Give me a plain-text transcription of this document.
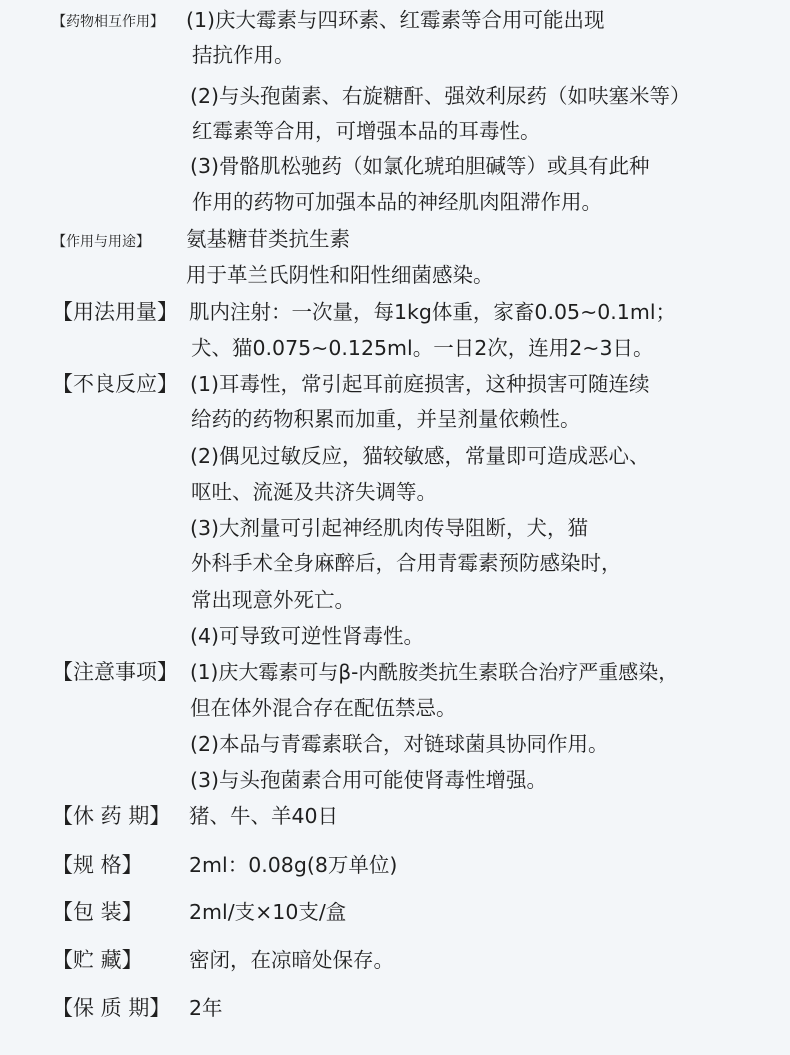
【药物相互作用】 (1)庆大霉素与四环素、红霉素等合用可能出现
拮抗作用。
(2)与头孢菌素、右旋糖酐、强效利尿药（如呋塞米等）
红霉素等合用，可增强本品的耳毒性。
(3)骨骼肌松驰药（如氯化琥珀胆碱等）或具有此种
作用的药物可加强本品的神经肌肉阻滞作用。
【作用与用途】 氨基糖苷类抗生素
用于革兰氏阴性和阳性细菌感染。
【用法用量】 肌内注射：一次量，每1kg体重，家畜0.05~0.1ml；
犬、猫0.075~0.125ml。一日2次，连用2~3日。
【不良反应】 (1)耳毒性，常引起耳前庭损害，这种损害可随连续
给药的药物积累而加重，并呈剂量依赖性。
(2)偶见过敏反应，猫较敏感，常量即可造成恶心、
呕吐、流涎及共济失调等。
(3)大剂量可引起神经肌肉传导阻断，犬，猫
外科手术全身麻醉后，合用青霉素预防感染时，
常出现意外死亡。
(4)可导致可逆性肾毒性。
【注意事项】 (1)庆大霉素可与β-内酰胺类抗生素联合治疗严重感染，
但在体外混合存在配伍禁忌。
(2)本品与青霉素联合，对链球菌具协同作用。
(3)与头孢菌素合用可能使肾毒性增强。
【休 药 期】 猪、牛、羊40日
【规 格】 2ml：0.08g(8万单位)
【包 装】 2ml/支×10支/盒
【贮 藏】 密闭，在凉暗处保存。
【保 质 期】 2年
